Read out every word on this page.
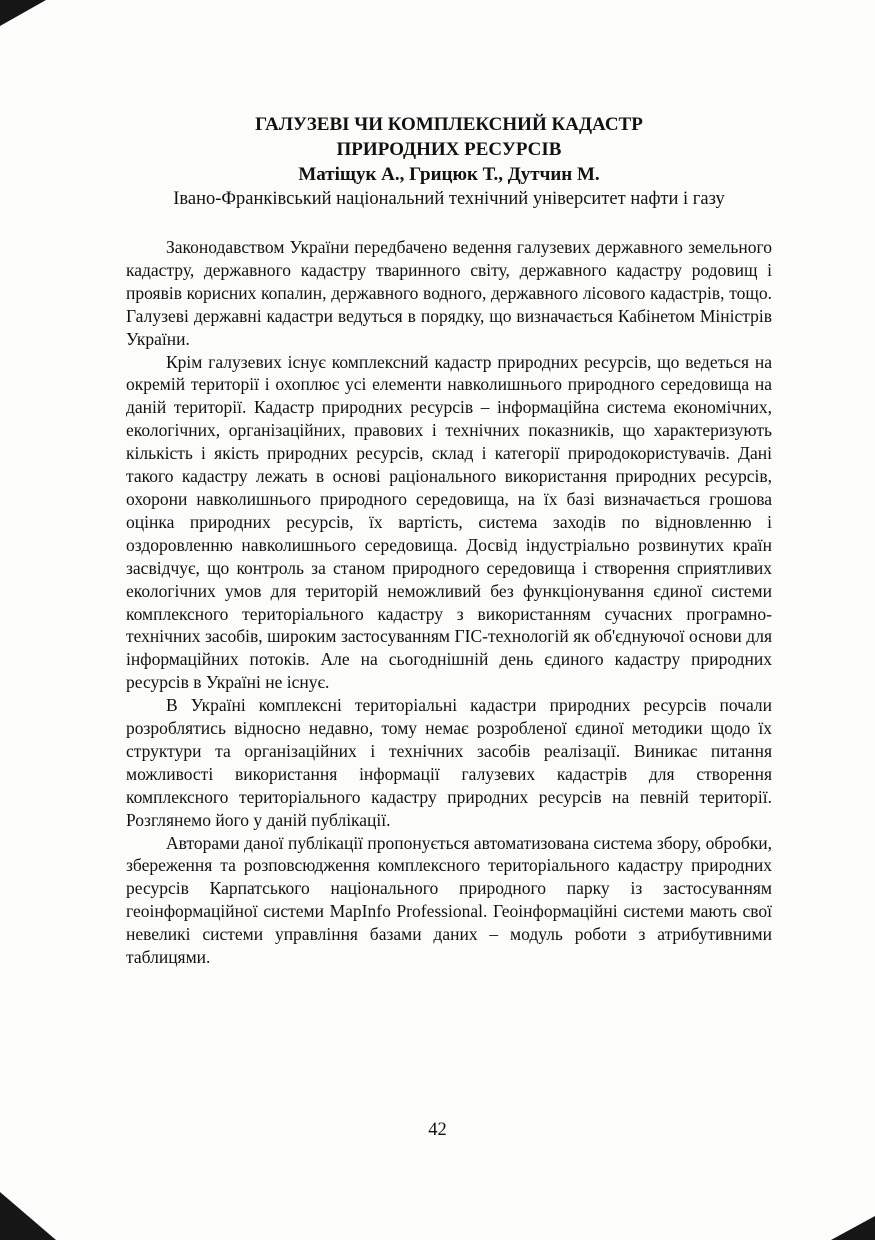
ГАЛУЗЕВІ ЧИ КОМПЛЕКСНИЙ КАДАСТР
ПРИРОДНИХ РЕСУРСІВ
Матіщук А., Грицюк Т., Дутчин М.
Івано-Франківський національний технічний університет нафти і газу

Законодавством України передбачено ведення галузевих державного земельного кадастру, державного кадастру тваринного світу, державного кадастру родовищ і проявів корисних копалин, державного водного, державного лісового кадастрів, тощо. Галузеві державні кадастри ведуться в порядку, що визначається Кабінетом Міністрів України.

Крім галузевих існує комплексний кадастр природних ресурсів, що ведеться на окремій території і охоплює усі елементи навколишнього природного середовища на даній території. Кадастр природних ресурсів – інформаційна система економічних, екологічних, організаційних, правових і технічних показників, що характеризують кількість і якість природних ресурсів, склад і категорії природокористувачів. Дані такого кадастру лежать в основі раціонального використання природних ресурсів, охорони навколишнього природного середовища, на їх базі визначається грошова оцінка природних ресурсів, їх вартість, система заходів по відновленню і оздоровленню навколишнього середовища. Досвід індустріально розвинутих країн засвідчує, що контроль за станом природного середовища і створення сприятливих екологічних умов для територій неможливий без функціонування єдиної системи комплексного територіального кадастру з використанням сучасних програмно-технічних засобів, широким застосуванням ГІС-технологій як об'єднуючої основи для інформаційних потоків. Але на сьогоднішній день єдиного кадастру природних ресурсів в Україні не існує.

В Україні комплексні територіальні кадастри природних ресурсів почали розроблятись відносно недавно, тому немає розробленої єдиної методики щодо їх структури та організаційних і технічних засобів реалізації. Виникає питання можливості використання інформації галузевих кадастрів для створення комплексного територіального кадастру природних ресурсів на певній території. Розглянемо його у даній публікації.

Авторами даної публікації пропонується автоматизована система збору, обробки, збереження та розповсюдження комплексного територіального кадастру природних ресурсів Карпатського національного природного парку із застосуванням геоінформаційної системи MapInfo Professional. Геоінформаційні системи мають свої невеликі системи управління базами даних – модуль роботи з атрибутивними таблицями.

42
